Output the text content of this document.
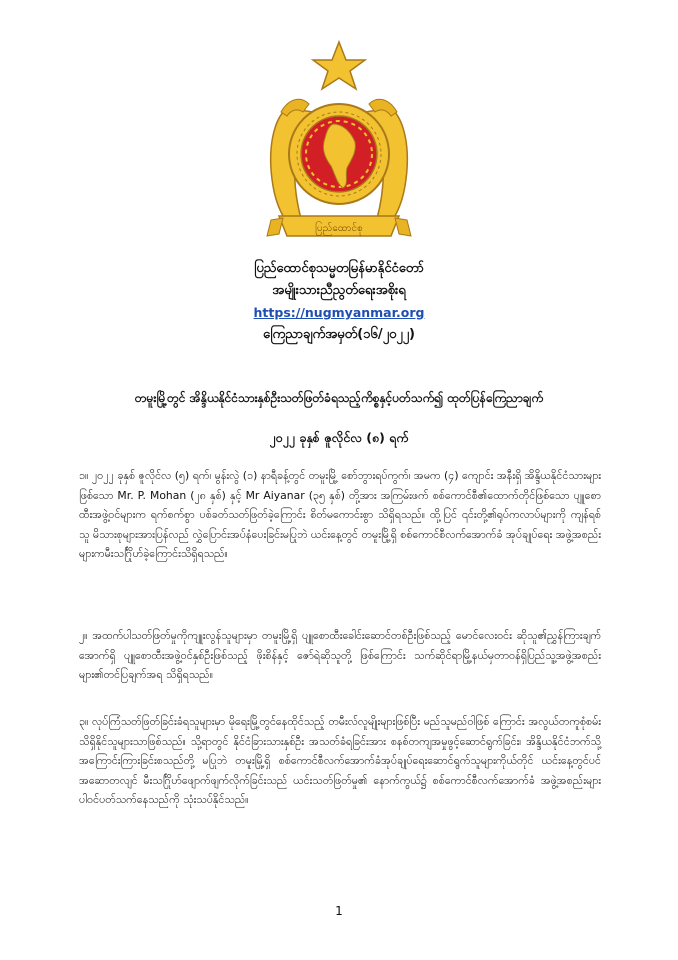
ပြည်ထောင်စု

ပြည်ထောင်စုသမ္မတမြန်မာနိုင်ငံတော်

အမျိုးသားညီညွတ်ရေးအစိုးရ

https://nugmyanmar.org

ကြေညာချက်အမှတ်(၁၆/၂၀၂၂)

တမူးမြို့တွင် အိန္ဒိယနိုင်ငံသားနှစ်ဦးသတ်ဖြတ်ခံရသည့်ကိစ္စနှင့်ပတ်သက်၍ ထုတ်ပြန်ကြေညာချက်
၂၀၂၂ ခုနှစ် ဇူလိုင်လ (၈) ရက်

၁။ ၂၀၂၂ ခုနှစ် ဇူလိုင်လ (၅) ရက်၊ မွန်းလွဲ (၁) နာရီခန့်တွင် တမူးမြို့ စော်ဘွားရပ်ကွက်၊ အမက (၄) ကျောင်း အနီးရှိ အိန္ဒိယနိုင်ငံသားများဖြစ်သော Mr. P. Mohan (၂၈ နှစ်) နှင့် Mr Aiyanar (၃၅ နှစ်) တို့အား အကြမ်းဖက် စစ်ကောင်စီ၏ထောက်တိုင်ဖြစ်သော ပျူစောထီးအဖွဲ့ဝင်များက ရက်စက်စွာ ပစ်ခတ်သတ်ဖြတ်ခဲ့ကြောင်း စိတ်မကောင်းစွာ သိရှိရသည်။ ထို့ပြင် ၎င်းတို့၏ရုပ်ကလာပ်များကို ကျန်ရစ်သူ မိသားစုများအားပြန်လည် လွှဲပြောင်းအပ်နံပေးခြင်းမပြုဘဲ ယင်းနေ့တွင် တမူးမြို့ရှိ စစ်ကောင်စီလက်အောက်ခံ အုပ်ချုပ်ရေး အဖွဲ့အစည်းများကမီးသင်္ဂြိုဟ်ခဲ့ကြောင်းသိရှိရသည်။

၂။ အထက်ပါသတ်ဖြတ်မှုကိုကျူးလွန်သူများမှာ တမူးမြို့ရှိ ပျူစောထီးခေါင်းဆောင်တစ်ဦးဖြစ်သည့် မောင်လေးဝင်း ဆိုသူ၏ညွှန်ကြားချက်အောက်ရှိ ပျူစောထီးအဖွဲ့ဝင်နှစ်ဦးဖြစ်သည့် ဖိုးစိန်နှင့် ဇော်ရဲဆိုသူတို့ ဖြစ်ကြောင်း သက်ဆိုင်ရာမြို့နယ်မှတာဝန်ရှိပြည်သူ့အဖွဲ့အစည်းများ၏တင်ပြချက်အရ သိရှိရသည်။

၃။ လုပ်ကြံသတ်ဖြတ်ခြင်းခံရသူများမှာ မိုရေးမြို့တွင်နေထိုင်သည့် တမီးလ်လူမျိုးများဖြစ်ပြီး မည်သူမည်ဝါဖြစ် ကြောင်း အလွယ်တကူစုံစမ်းသိရှိနိုင်သူများသာဖြစ်သည်။ သို့ရာတွင် နိုင်ငံခြားသားနှစ်ဦး အသတ်ခံရခြင်းအား စနစ်တကျအမှုဖွင့်ဆောင်ရွက်ခြင်း၊ အိန္ဒိယနိုင်ငံဘက်သို့အကြောင်းကြားခြင်းစသည်တို့ မပြုဘဲ တမူးမြို့ရှိ စစ်ကောင်စီလက်အောက်ခံအုပ်ချုပ်ရေးဆောင်ရွက်သူများကိုယ်တိုင် ယင်းနေ့တွင်ပင် အဆောတလျင် မီးသင်္ဂြိုဟ်ဖျောက်ဖျက်လိုက်ခြင်းသည် ယင်းသတ်ဖြတ်မှု၏ နောက်ကွယ်၌ စစ်ကောင်စီလက်အောက်ခံ အဖွဲ့အစည်းများပါဝင်ပတ်သက်နေသည်ကို သုံးသပ်နိုင်သည်။

1
